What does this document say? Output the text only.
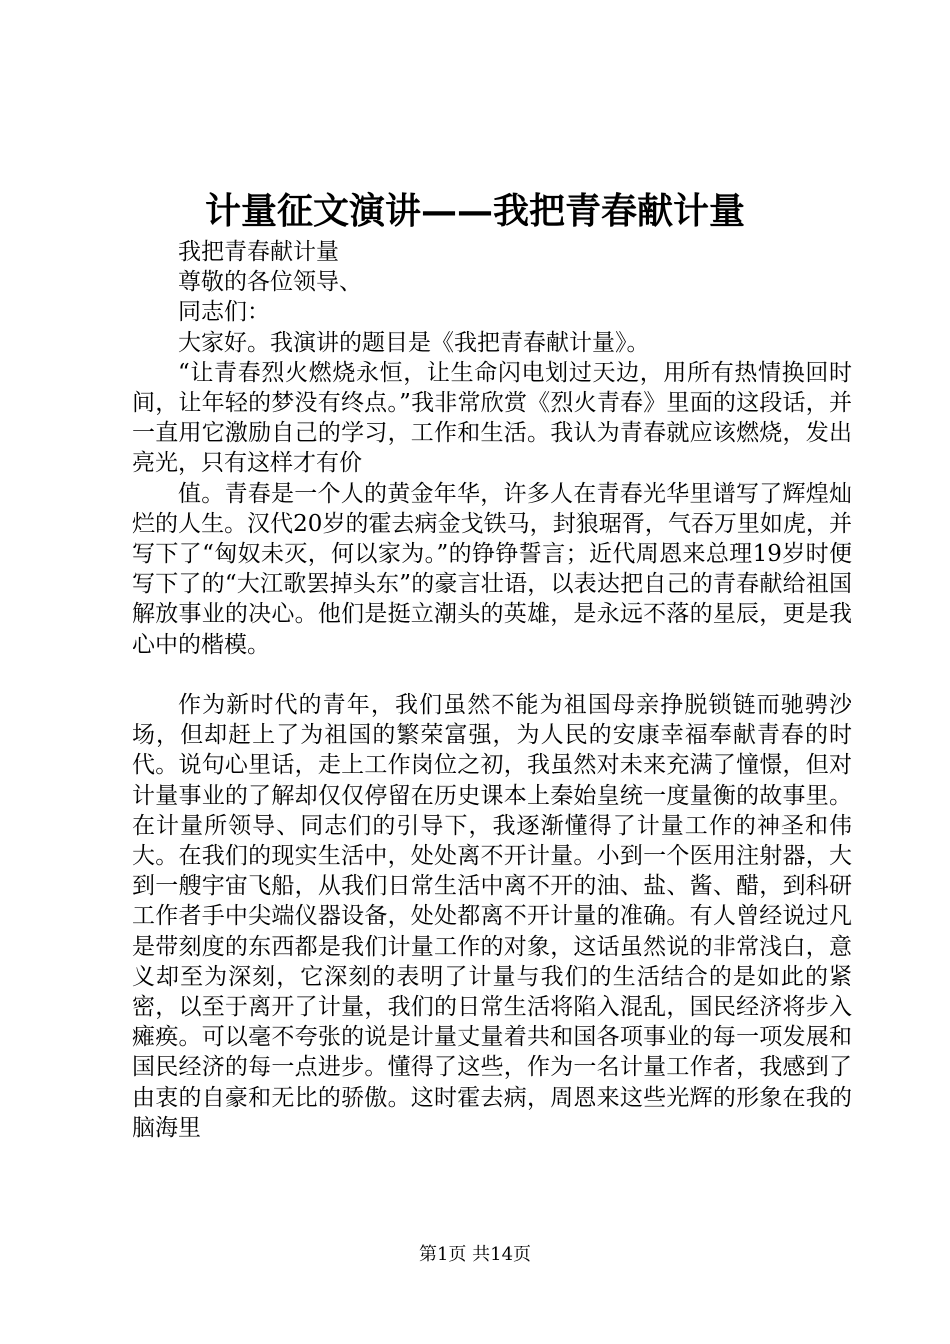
计量征文演讲——我把青春献计量

我把青春献计量

尊敬的各位领导、

同志们：

大家好。我演讲的题目是《我把青春献计量》。

“让青春烈火燃烧永恒，让生命闪电划过天边，用所有热情换回时间，让年轻的梦没有终点。”我非常欣赏《烈火青春》里面的这段话，并一直用它激励自己的学习，工作和生活。我认为青春就应该燃烧，发出亮光，只有这样才有价

值。青春是一个人的黄金年华，许多人在青春光华里谱写了辉煌灿烂的人生。汉代20岁的霍去病金戈铁马，封狼琚胥，气吞万里如虎，并写下了“匈奴未灭，何以家为。”的铮铮誓言；近代周恩来总理19岁时便写下了的“大江歌罢掉头东”的豪言壮语，以表达把自己的青春献给祖国解放事业的决心。他们是挺立潮头的英雄，是永远不落的星辰，更是我心中的楷模。

作为新时代的青年，我们虽然不能为祖国母亲挣脱锁链而驰骋沙场，但却赶上了为祖国的繁荣富强，为人民的安康幸福奉献青春的时代。说句心里话，走上工作岗位之初，我虽然对未来充满了憧憬，但对计量事业的了解却仅仅停留在历史课本上秦始皇统一度量衡的故事里。在计量所领导、同志们的引导下，我逐渐懂得了计量工作的神圣和伟大。在我们的现实生活中，处处离不开计量。小到一个医用注射器，大到一艘宇宙飞船，从我们日常生活中离不开的油、盐、酱、醋，到科研工作者手中尖端仪器设备，处处都离不开计量的准确。有人曾经说过凡是带刻度的东西都是我们计量工作的对象，这话虽然说的非常浅白，意义却至为深刻，它深刻的表明了计量与我们的生活结合的是如此的紧密，以至于离开了计量，我们的日常生活将陷入混乱，国民经济将步入瘫痪。可以毫不夸张的说是计量丈量着共和国各项事业的每一项发展和国民经济的每一点进步。懂得了这些，作为一名计量工作者，我感到了由衷的自豪和无比的骄傲。这时霍去病，周恩来这些光辉的形象在我的脑海里

第1页 共14页
